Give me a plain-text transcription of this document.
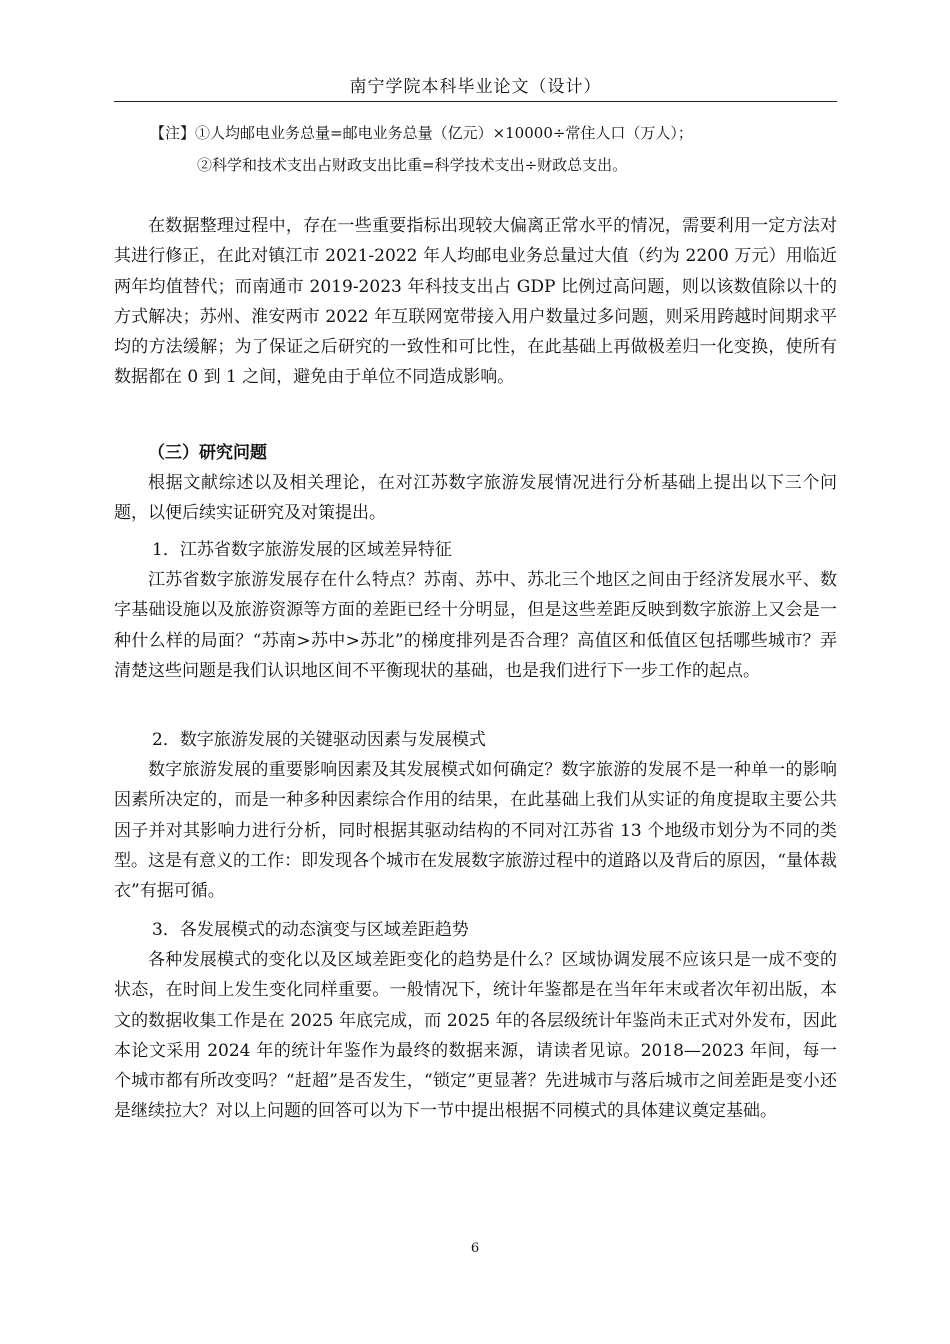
南宁学院本科毕业论文（设计）
【注】①人均邮电业务总量=邮电业务总量（亿元）×10000÷常住人口（万人）；
②科学和技术支出占财政支出比重=科学技术支出÷财政总支出。

在数据整理过程中，存在一些重要指标出现较大偏离正常水平的情况，需要利用一定方法对其进行修正，在此对镇江市 2021-2022 年人均邮电业务总量过大值（约为 2200 万元）用临近两年均值替代；而南通市 2019-2023 年科技支出占 GDP 比例过高问题，则以该数值除以十的方式解决；苏州、淮安两市 2022 年互联网宽带接入用户数量过多问题，则采用跨越时间期求平均的方法缓解；为了保证之后研究的一致性和可比性，在此基础上再做极差归一化变换，使所有数据都在 0 到 1 之间，避免由于单位不同造成影响。

（三）研究问题

根据文献综述以及相关理论，在对江苏数字旅游发展情况进行分析基础上提出以下三个问题，以便后续实证研究及对策提出。

1．江苏省数字旅游发展的区域差异特征

江苏省数字旅游发展存在什么特点？苏南、苏中、苏北三个地区之间由于经济发展水平、数字基础设施以及旅游资源等方面的差距已经十分明显，但是这些差距反映到数字旅游上又会是一种什么样的局面？“苏南>苏中>苏北”的梯度排列是否合理？高值区和低值区包括哪些城市？弄清楚这些问题是我们认识地区间不平衡现状的基础，也是我们进行下一步工作的起点。

2．数字旅游发展的关键驱动因素与发展模式

数字旅游发展的重要影响因素及其发展模式如何确定？数字旅游的发展不是一种单一的影响因素所决定的，而是一种多种因素综合作用的结果，在此基础上我们从实证的角度提取主要公共因子并对其影响力进行分析，同时根据其驱动结构的不同对江苏省 13 个地级市划分为不同的类型。这是有意义的工作：即发现各个城市在发展数字旅游过程中的道路以及背后的原因，“量体裁衣”有据可循。

3．各发展模式的动态演变与区域差距趋势

各种发展模式的变化以及区域差距变化的趋势是什么？区域协调发展不应该只是一成不变的状态，在时间上发生变化同样重要。一般情况下，统计年鉴都是在当年年末或者次年初出版，本文的数据收集工作是在 2025 年底完成，而 2025 年的各层级统计年鉴尚未正式对外发布，因此本论文采用 2024 年的统计年鉴作为最终的数据来源，请读者见谅。2018—2023 年间，每一个城市都有所改变吗？“赶超”是否发生，“锁定”更显著？先进城市与落后城市之间差距是变小还是继续拉大？对以上问题的回答可以为下一节中提出根据不同模式的具体建议奠定基础。

6
